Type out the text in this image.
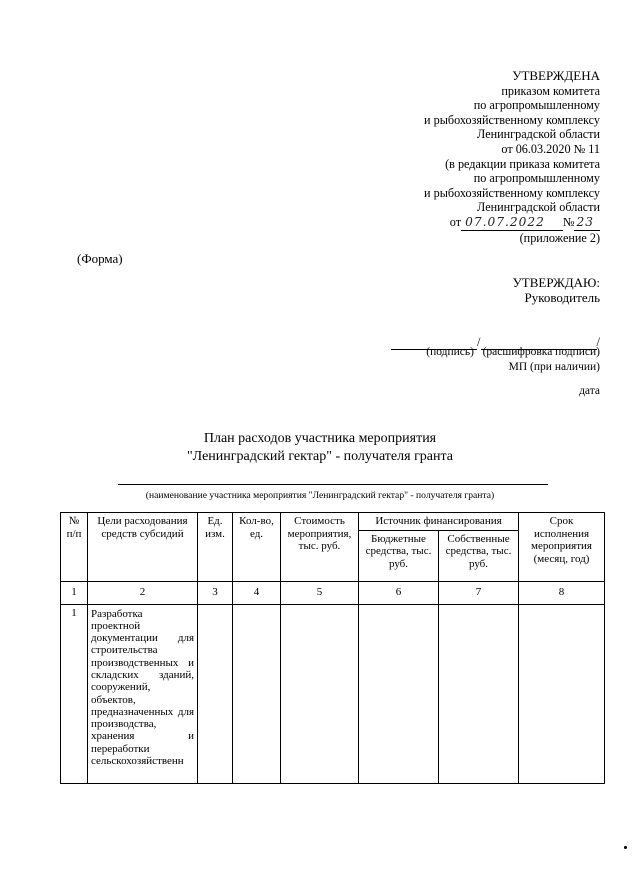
УТВЕРЖДЕНА
приказом комитета
по агропромышленному
и рыбохозяйственному комплексу
Ленинградской области
от 06.03.2020 № 11
(в редакции приказа комитета
по агропромышленному
и рыбохозяйственному комплексу
Ленинградской области
от 07.07.2022 № 23
(приложение 2)
(Форма)
УТВЕРЖДАЮ:
Руководитель
/	/
(подпись)   (расшифровка подписи)
МП (при наличии)
дата
План расходов участника мероприятия
"Ленинградский гектар" - получателя гранта
(наименование участника мероприятия "Ленинградский гектар" - получателя гранта)
№ п/п	Цели расходования средств субсидий	Ед. изм.	Кол-во, ед.	Стоимость мероприятия, тыс. руб.	Источник финансирования		Срок исполнения мероприятия (месяц, год)
					Бюджетные средства, тыс. руб.	Собственные средства, тыс. руб.	
1	2	3	4	5	6	7	8
1	Разработка проектной документации для строительства производственных и складских зданий, сооружений, объектов, предназначенных для производства, хранения и переработки сельскохозяйственн						
